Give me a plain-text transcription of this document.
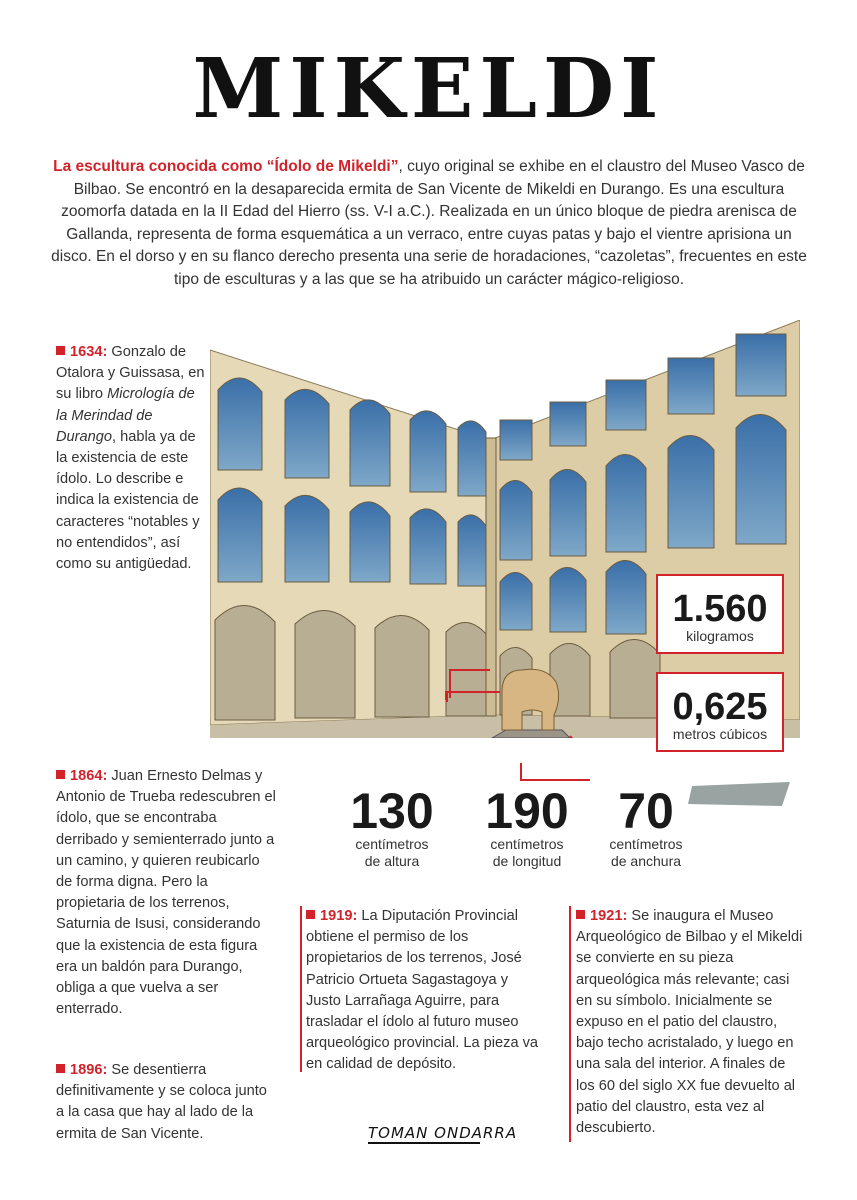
MIKELDI

La escultura conocida como “Ídolo de Mikeldi”, cuyo original se exhibe en el claustro del Museo Vasco de Bilbao. Se encontró en la desaparecida ermita de San Vicente de Mikeldi en Durango. Es una escultura zoomorfa datada en la II Edad del Hierro (ss. V-I a.C.). Realizada en un único bloque de piedra arenisca de Gallanda, representa de forma esquemática a un verraco, entre cuyas patas y bajo el vientre aprisiona un disco. En el dorso y en su flanco derecho presenta una serie de horadaciones, “cazoletas”, frecuentes en este tipo de esculturas y a las que se ha atribuido un carácter mágico-religioso.

1.560
kilogramos
0,625
metros cúbicos
130
centímetros
de altura
190
centímetros
de longitud
70
centímetros
de anchura
1634: Gonzalo de Otalora y Guissasa, en su libro Micrología de la Merindad de Durango, habla ya de la existencia de este ídolo. Lo describe e indica la existencia de caracteres “notables y no entendidos”, así como su antigüedad.
1864: Juan Ernesto Delmas y Antonio de Trueba redescubren el ídolo, que se encontraba derribado y semienterrado junto a un camino, y quieren reubicarlo de forma digna. Pero la propietaria de los terrenos, Saturnia de Isusi, considerando que la existencia de esta figura era un baldón para Durango, obliga a que vuelva a ser enterrado.
1896: Se desentierra definitivamente y se coloca junto a la casa que hay al lado de la ermita de San Vicente.
1919: La Diputación Provincial obtiene el permiso de los propietarios de los terrenos, José Patricio Ortueta Sagastagoya y Justo Larrañaga Aguirre, para trasladar el ídolo al futuro museo arqueológico provincial. La pieza va en calidad de depósito.
1921: Se inaugura el Museo Arqueológico de Bilbao y el Mikeldi se convierte en su pieza arqueológica más relevante; casi en su símbolo. Inicialmente se expuso en el patio del claustro, bajo techo acristalado, y luego en una sala del interior. A finales de los 60 del siglo XX fue devuelto al patio del claustro, esta vez al descubierto.
TOMAN ONDARRA
